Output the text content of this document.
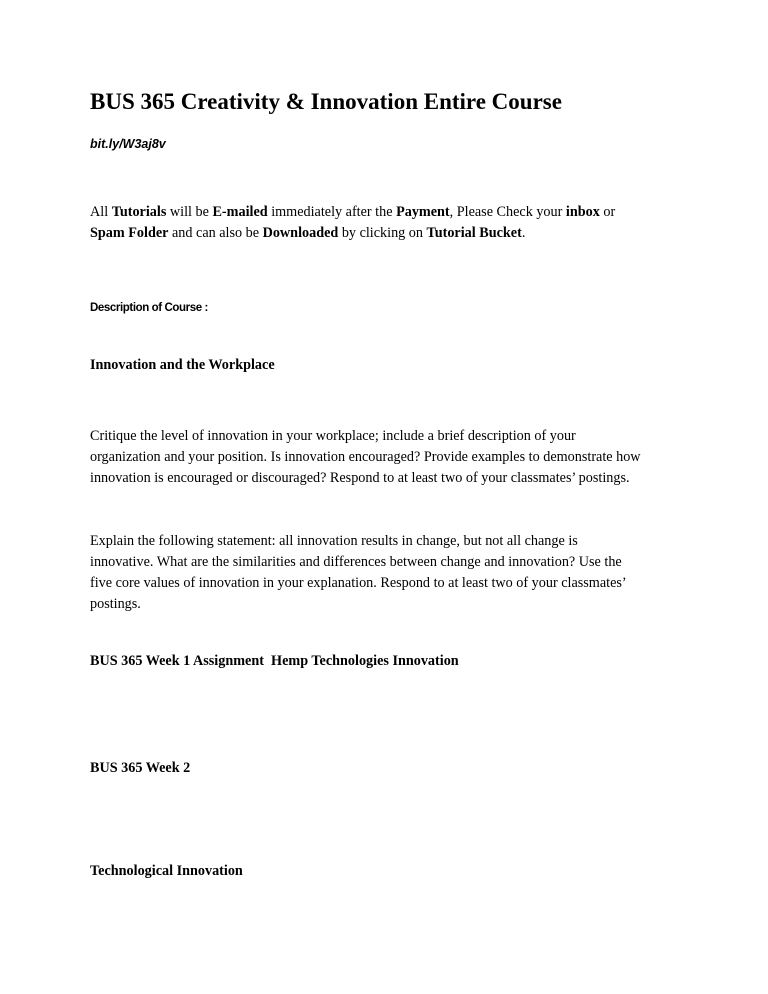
BUS 365 Creativity & Innovation Entire Course
bit.ly/W3aj8v
All Tutorials will be E-mailed immediately after the Payment, Please Check your inbox or
Spam Folder and can also be Downloaded by clicking on Tutorial Bucket.
Description of Course :
Innovation and the Workplace
Critique the level of innovation in your workplace; include a brief description of your
organization and your position. Is innovation encouraged? Provide examples to demonstrate how
innovation is encouraged or discouraged? Respond to at least two of your classmates’ postings.
Explain the following statement: all innovation results in change, but not all change is
innovative. What are the similarities and differences between change and innovation? Use the
five core values of innovation in your explanation. Respond to at least two of your classmates’
postings.
BUS 365 Week 1 Assignment  Hemp Technologies Innovation
BUS 365 Week 2
Technological Innovation
